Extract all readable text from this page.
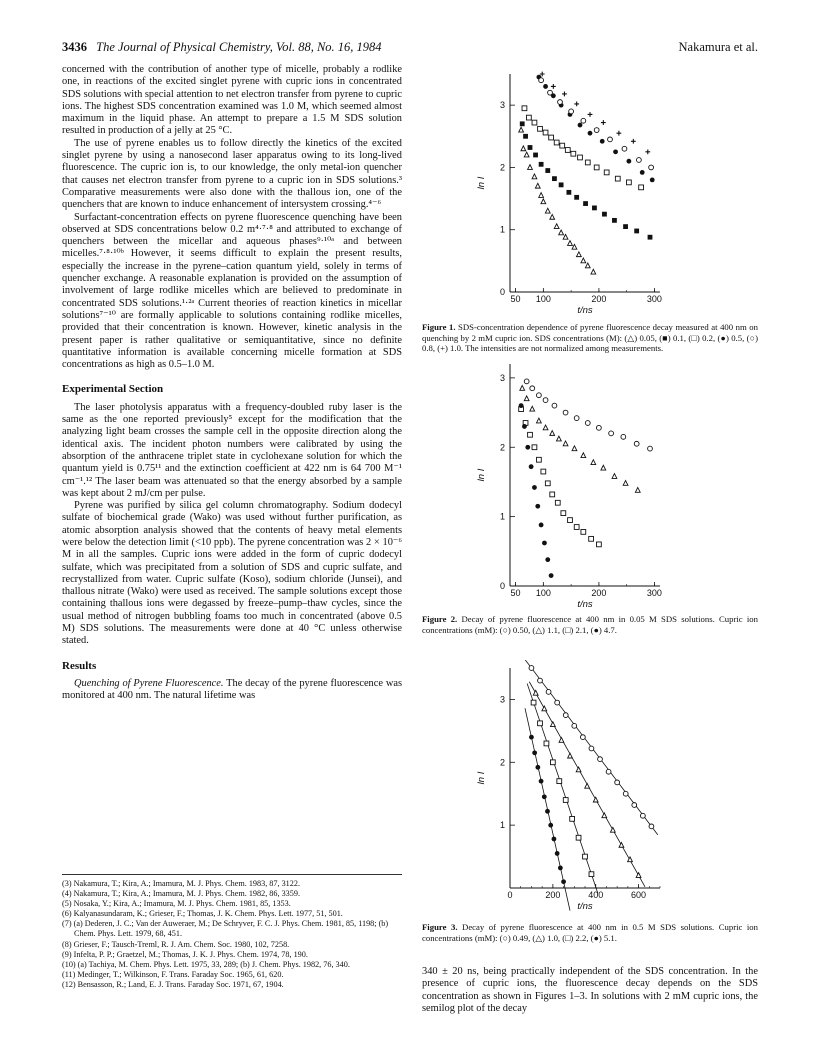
3436 The Journal of Physical Chemistry, Vol. 88, No. 16, 1984	Nakamura et al.

concerned with the contribution of another type of micelle, probably a rodlike one, in reactions of the excited singlet pyrene with cupric ions in concentrated SDS solutions with special attention to net electron transfer from pyrene to cupric ions. The highest SDS concentration examined was 1.0 M, which seemed almost maximum in the liquid phase. An attempt to prepare a 1.5 M SDS solution resulted in production of a jelly at 25 °C.

The use of pyrene enables us to follow directly the kinetics of the excited singlet pyrene by using a nanosecond laser apparatus owing to its long-lived fluorescence. The cupric ion is, to our knowledge, the only metal-ion quencher that causes net electron transfer from pyrene to a cupric ion in SDS solutions.³ Comparative measurements were also done with the thallous ion, one of the quenchers that are known to induce enhancement of intersystem crossing.⁴⁻⁶

Surfactant-concentration effects on pyrene fluorescence quenching have been observed at SDS concentrations below 0.2 m⁴·⁷·⁸ and attributed to exchange of quenchers between the micellar and aqueous phases⁹·¹⁰ᵃ and between micelles.⁷·⁸·¹⁰ᵇ However, it seems difficult to explain the present results, especially the increase in the pyrene–cation quantum yield, solely in terms of quencher exchange. A reasonable explanation is provided on the assumption of involvement of large rodlike micelles which are believed to predominate in concentrated SDS solutions.¹·²ᵃ Current theories of reaction kinetics in micellar solutions⁷⁻¹⁰ are formally applicable to solutions containing rodlike micelles, provided that their concentration is known. However, kinetic analysis in the present paper is rather qualitative or semiquantitative, since no definite quantitative information is available concerning micelle formation at SDS concentrations as high as 0.5–1.0 M.

Experimental Section

The laser photolysis apparatus with a frequency-doubled ruby laser is the same as the one reported previously⁵ except for the modification that the analyzing light beam crosses the sample cell in the opposite direction along the identical axis. The incident photon numbers were calibrated by using the absorption of the anthracene triplet state in cyclohexane solution for which the quantum yield is 0.75¹¹ and the extinction coefficient at 422 nm is 64 700 M⁻¹ cm⁻¹.¹² The laser beam was attenuated so that the energy absorbed by a sample was kept about 2 mJ/cm per pulse.

Pyrene was purified by silica gel column chromatography. Sodium dodecyl sulfate of biochemical grade (Wako) was used without further purification, as atomic absorption analysis showed that the contents of heavy metal elements were below the detection limit (<10 ppb). The pyrene concentration was 2 × 10⁻⁶ M in all the samples. Cupric ions were added in the form of cupric dodecyl sulfate, which was precipitated from a solution of SDS and cupric sulfate, and recrystallized from water. Cupric sulfate (Koso), sodium chloride (Junsei), and thallous nitrate (Wako) were used as received. The sample solutions except those containing thallous ions were degassed by freeze–pump–thaw cycles, since the usual method of nitrogen bubbling foams too much in concentrated (above 0.5 M) SDS solutions. The measurements were done at 40 °C unless otherwise stated.

Results

Quenching of Pyrene Fluorescence. The decay of the pyrene fluorescence was monitored at 400 nm. The natural lifetime was

(3) Nakamura, T.; Kira, A.; Imamura, M. J. Phys. Chem. 1983, 87, 3122.
(4) Nakamura, T.; Kira, A.; Imamura, M. J. Phys. Chem. 1982, 86, 3359.
(5) Nosaka, Y.; Kira, A.; Imamura, M. J. Phys. Chem. 1981, 85, 1353.
(6) Kalyanasundaram, K.; Grieser, F.; Thomas, J. K. Chem. Phys. Lett. 1977, 51, 501.
(7) (a) Dederen, J. C.; Van der Auweraer, M.; De Schryver, F. C. J. Phys. Chem. 1981, 85, 1198; (b) Chem. Phys. Lett. 1979, 68, 451.
(8) Grieser, F.; Tausch-Treml, R. J. Am. Chem. Soc. 1980, 102, 7258.
(9) Infelta, P. P.; Graetzel, M.; Thomas, J. K. J. Phys. Chem. 1974, 78, 190.
(10) (a) Tachiya, M. Chem. Phys. Lett. 1975, 33, 289; (b) J. Chem. Phys. 1982, 76, 340.
(11) Medinger, T.; Wilkinson, F. Trans. Faraday Soc. 1965, 61, 620.
(12) Bensasson, R.; Land, E. J. Trans. Faraday Soc. 1971, 67, 1904.
50 100	200	300
0
1
2
3
t/ns
ln I
Figure 1. SDS-concentration dependence of pyrene fluorescence decay measured at 400 nm on quenching by 2 mM cupric ion. SDS concentrations (M): (△) 0.05, (■) 0.1, (□) 0.2, (●) 0.5, (○) 0.8, (+) 1.0. The intensities are not normalized among measurements.
50 100	200	300
0
1
2
3
t/ns
ln I
Figure 2. Decay of pyrene fluorescence at 400 nm in 0.05 M SDS solutions. Cupric ion concentrations (mM): (○) 0.50, (△) 1.1, (□) 2.1, (●) 4.7.
0	200	400	600
1
2
3
t/ns
ln I
Figure 3. Decay of pyrene fluorescence at 400 nm in 0.5 M SDS solutions. Cupric ion concentrations (mM): (○) 0.49, (△) 1.0, (□) 2.2, (●) 5.1.
340 ± 20 ns, being practically independent of the SDS concentration. In the presence of cupric ions, the fluorescence decay depends on the SDS concentration as shown in Figures 1–3. In solutions with 2 mM cupric ions, the semilog plot of the decay
